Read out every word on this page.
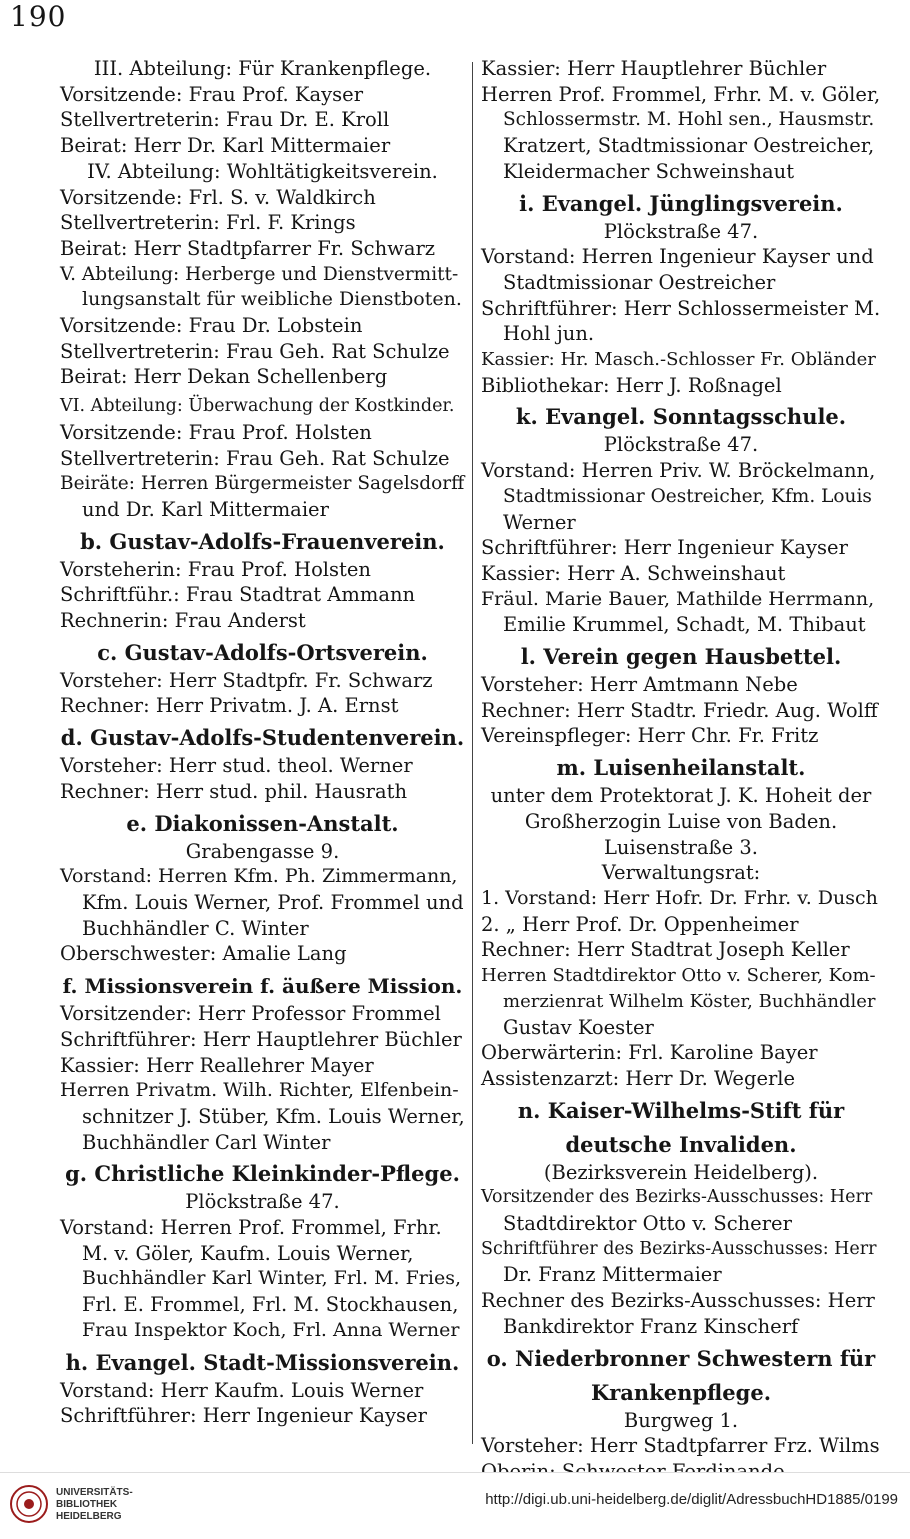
190
III. Abteilung: Für Krankenpflege.
Vorsitzende: Frau Prof. Kayser
Stellvertreterin: Frau Dr. E. Kroll
Beirat: Herr Dr. Karl Mittermaier
IV. Abteilung: Wohltätigkeitsverein.
Vorsitzende: Frl. S. v. Waldkirch
Stellvertreterin: Frl. F. Krings
Beirat: Herr Stadtpfarrer Fr. Schwarz
V. Abteilung: Herberge und Dienstvermitt-
lungsanstalt für weibliche Dienstboten.
Vorsitzende: Frau Dr. Lobstein
Stellvertreterin: Frau Geh. Rat Schulze
Beirat: Herr Dekan Schellenberg
VI. Abteilung: Überwachung der Kostkinder.
Vorsitzende: Frau Prof. Holsten
Stellvertreterin: Frau Geh. Rat Schulze
Beiräte: Herren Bürgermeister Sagelsdorff
und Dr. Karl Mittermaier
b. Gustav-Adolfs-Frauenverein.
Vorsteherin: Frau Prof. Holsten
Schriftführ.: Frau Stadtrat Ammann
Rechnerin: Frau Anderst
c. Gustav-Adolfs-Ortsverein.
Vorsteher: Herr Stadtpfr. Fr. Schwarz
Rechner: Herr Privatm. J. A. Ernst
d. Gustav-Adolfs-Studentenverein.
Vorsteher: Herr stud. theol. Werner
Rechner: Herr stud. phil. Hausrath
e. Diakonissen-Anstalt.
Grabengasse 9.
Vorstand: Herren Kfm. Ph. Zimmermann,
Kfm. Louis Werner, Prof. Frommel und
Buchhändler C. Winter
Oberschwester: Amalie Lang
f. Missionsverein f. äußere Mission.
Vorsitzender: Herr Professor Frommel
Schriftführer: Herr Hauptlehrer Büchler
Kassier: Herr Reallehrer Mayer
Herren Privatm. Wilh. Richter, Elfenbein-
schnitzer J. Stüber, Kfm. Louis Werner,
Buchhändler Carl Winter
g. Christliche Kleinkinder-Pflege.
Plöckstraße 47.
Vorstand: Herren Prof. Frommel, Frhr.
M. v. Göler, Kaufm. Louis Werner,
Buchhändler Karl Winter, Frl. M. Fries,
Frl. E. Frommel, Frl. M. Stockhausen,
Frau Inspektor Koch, Frl. Anna Werner
h. Evangel. Stadt-Missionsverein.
Vorstand: Herr Kaufm. Louis Werner
Schriftführer: Herr Ingenieur Kayser
Kassier: Herr Hauptlehrer Büchler
Herren Prof. Frommel, Frhr. M. v. Göler,
Schlossermstr. M. Hohl sen., Hausmstr.
Kratzert, Stadtmissionar Oestreicher,
Kleidermacher Schweinshaut
i. Evangel. Jünglingsverein.
Plöckstraße 47.
Vorstand: Herren Ingenieur Kayser und
Stadtmissionar Oestreicher
Schriftführer: Herr Schlossermeister M.
Hohl jun.
Kassier: Hr. Masch.-Schlosser Fr. Obländer
Bibliothekar: Herr J. Roßnagel
k. Evangel. Sonntagsschule.
Plöckstraße 47.
Vorstand: Herren Priv. W. Bröckelmann,
Stadtmissionar Oestreicher, Kfm. Louis
Werner
Schriftführer: Herr Ingenieur Kayser
Kassier: Herr A. Schweinshaut
Fräul. Marie Bauer, Mathilde Herrmann,
Emilie Krummel, Schadt, M. Thibaut
l. Verein gegen Hausbettel.
Vorsteher: Herr Amtmann Nebe
Rechner: Herr Stadtr. Friedr. Aug. Wolff
Vereinspfleger: Herr Chr. Fr. Fritz
m. Luisenheilanstalt.
unter dem Protektorat J. K. Hoheit der
Großherzogin Luise von Baden.
Luisenstraße 3.
Verwaltungsrat:
1. Vorstand: Herr Hofr. Dr. Frhr. v. Dusch
2. „ Herr Prof. Dr. Oppenheimer
Rechner: Herr Stadtrat Joseph Keller
Herren Stadtdirektor Otto v. Scherer, Kom-
merzienrat Wilhelm Köster, Buchhändler
Gustav Koester
Oberwärterin: Frl. Karoline Bayer
Assistenzarzt: Herr Dr. Wegerle
n. Kaiser-Wilhelms-Stift für
deutsche Invaliden.
(Bezirksverein Heidelberg).
Vorsitzender des Bezirks-Ausschusses: Herr
Stadtdirektor Otto v. Scherer
Schriftführer des Bezirks-Ausschusses: Herr
Dr. Franz Mittermaier
Rechner des Bezirks-Ausschusses: Herr
Bankdirektor Franz Kinscherf
o. Niederbronner Schwestern für
Krankenpflege.
Burgweg 1.
Vorsteher: Herr Stadtpfarrer Frz. Wilms
UNIVERSITÄTS-
BIBLIOTHEK
HEIDELBERG
http://digi.ub.uni-heidelberg.de/diglit/AdressbuchHD1885/0199
